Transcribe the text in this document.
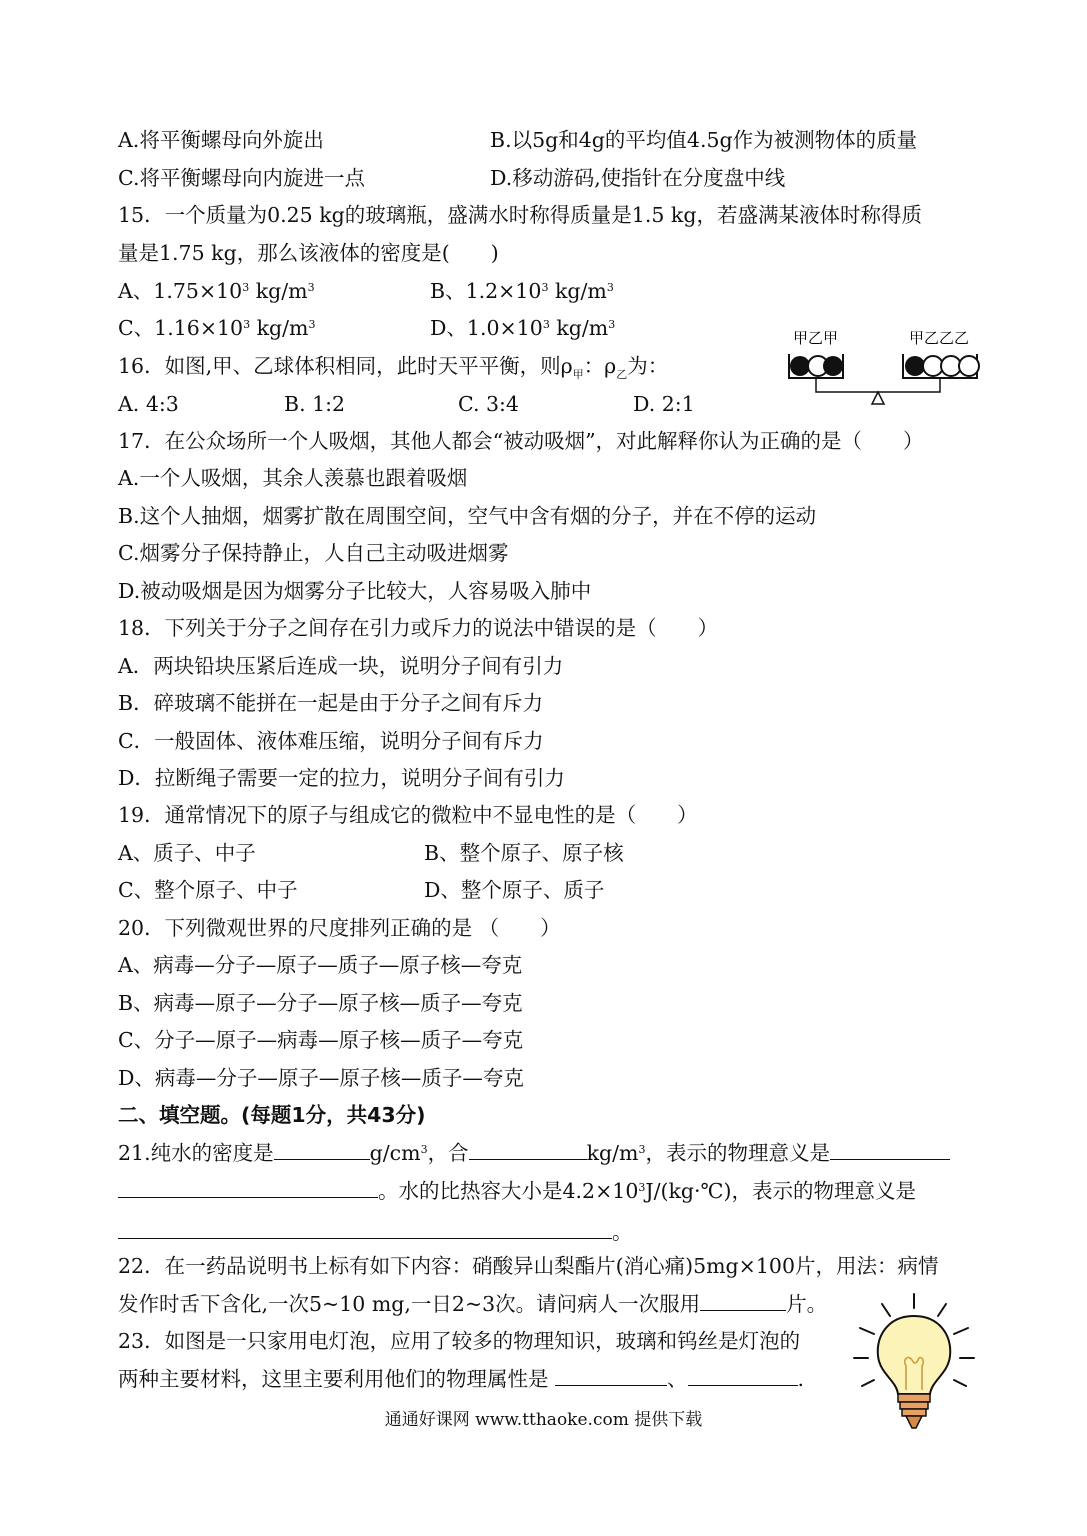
A.将平衡螺母向外旋出	B.以5g和4g的平均值4.5g作为被测物体的质量
C.将平衡螺母向内旋进一点	D.移动游码,使指针在分度盘中线
15．一个质量为0.25 kg的玻璃瓶，盛满水时称得质量是1.5 kg，若盛满某液体时称得质
量是1.75 kg，那么该液体的密度是(　　)
A、$1.75\times 10^3$ $kg/m^3$	B、$1.2\times 10^3$ $kg/m^3$
C、$1.16\times 10^3$ $kg/m^3$	D、$1.0\times 10^3$ $kg/m^3$
16．如图,甲、乙球体积相同，此时天平平衡，则$\rho_甲$：$\rho_乙$为：
A. 4:3	B. 1:2	C. 3:4	D. 2:1
甲乙甲	甲乙乙乙
17．在公众场所一个人吸烟，其他人都会“被动吸烟”，对此解释你认为正确的是（　　）
A.一个人吸烟，其余人羡慕也跟着吸烟
B.这个人抽烟，烟雾扩散在周围空间，空气中含有烟的分子，并在不停的运动
C.烟雾分子保持静止，人自己主动吸进烟雾
D.被动吸烟是因为烟雾分子比较大，人容易吸入肺中
18．下列关于分子之间存在引力或斥力的说法中错误的是（　　）
A．两块铅块压紧后连成一块，说明分子间有引力
B．碎玻璃不能拼在一起是由于分子之间有斥力
C．一般固体、液体难压缩，说明分子间有斥力
D．拉断绳子需要一定的拉力，说明分子间有引力
19．通常情况下的原子与组成它的微粒中不显电性的是（　　）
A、质子、中子	B、整个原子、原子核
C、整个原子、中子	D、整个原子、质子
20．下列微观世界的尺度排列正确的是 （　　）
A、病毒—分子—原子—质子—原子核—夸克
B、病毒—原子—分子—原子核—质子—夸克
C、分子—原子—病毒—原子核—质子—夸克
D、病毒—分子—原子—原子核—质子—夸克
二、填空题。(每题1分，共43分)
21.纯水的密度是	$g/cm^3$，合	$kg/m^3$，表示的物理意义是
。水的比热容大小是$4.2\times 10^3J/(kg\cdot℃)$，表示的物理意义是
。
22．在一药品说明书上标有如下内容：硝酸异山梨酯片(消心痛)5mg×100片，用法：病情
发作时舌下含化,一次5~10 mg,一日2~3次。请问病人一次服用	片。
23．如图是一只家用电灯泡，应用了较多的物理知识，玻璃和钨丝是灯泡的
两种主要材料，这里主要利用他们的物理属性是	、	.
通通好课网 www.tthaoke.com 提供下载
